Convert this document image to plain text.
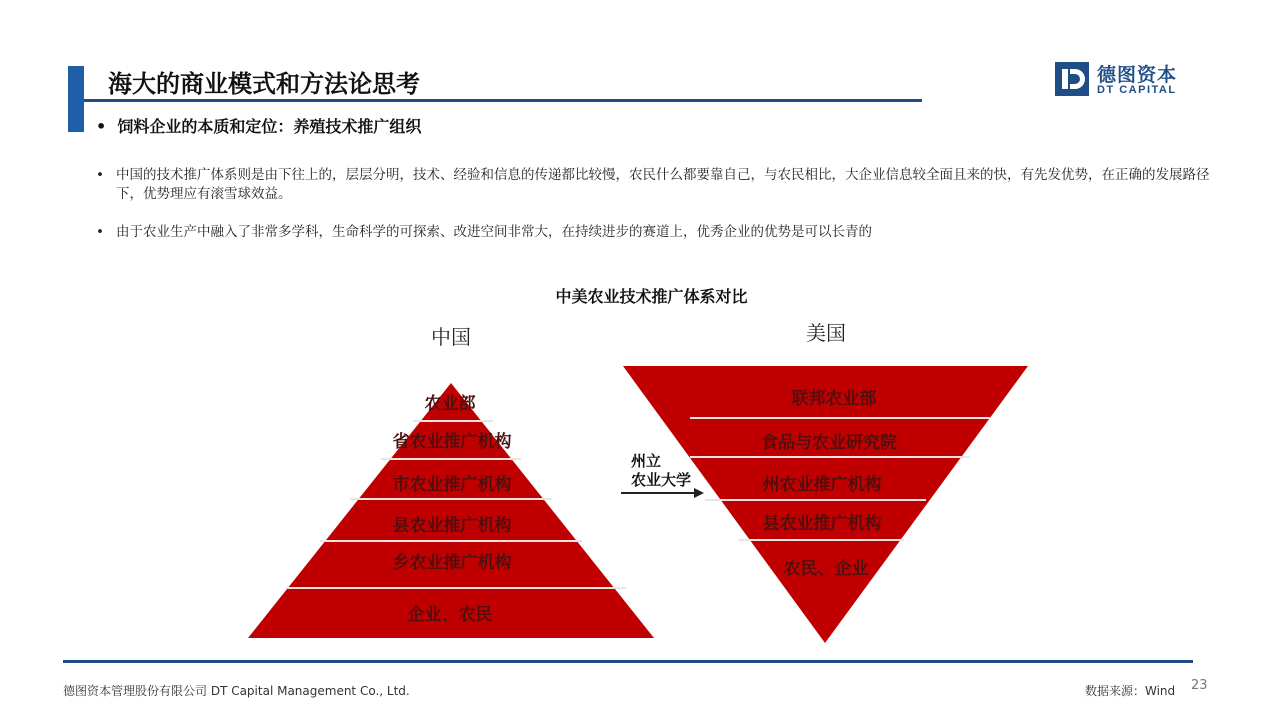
海大的商业模式和方法论思考	德图资本
DT CAPITAL
• 饲料企业的本质和定位：养殖技术推广组织
• 中国的技术推广体系则是由下往上的，层层分明，技术、经验和信息的传递都比较慢，农民什么都要靠自己，与农民相比，大企业信息较全面且来的快，有先发优势，在正确的发展路径下，优势理应有滚雪球效益。
• 由于农业生产中融入了非常多学科，生命科学的可探索、改进空间非常大，在持续进步的赛道上，优秀企业的优势是可以长青的
中美农业技术推广体系对比
中国
农业部
省农业推广机构
市农业推广机构
县农业推广机构
乡农业推广机构
企业、农民
美国
联邦农业部
食品与农业研究院
州农业推广机构
县农业推广机构
农民、企业
州立
农业大学
德图资本管理股份有限公司 DT Capital Management Co., Ltd.	数据来源：Wind 23
